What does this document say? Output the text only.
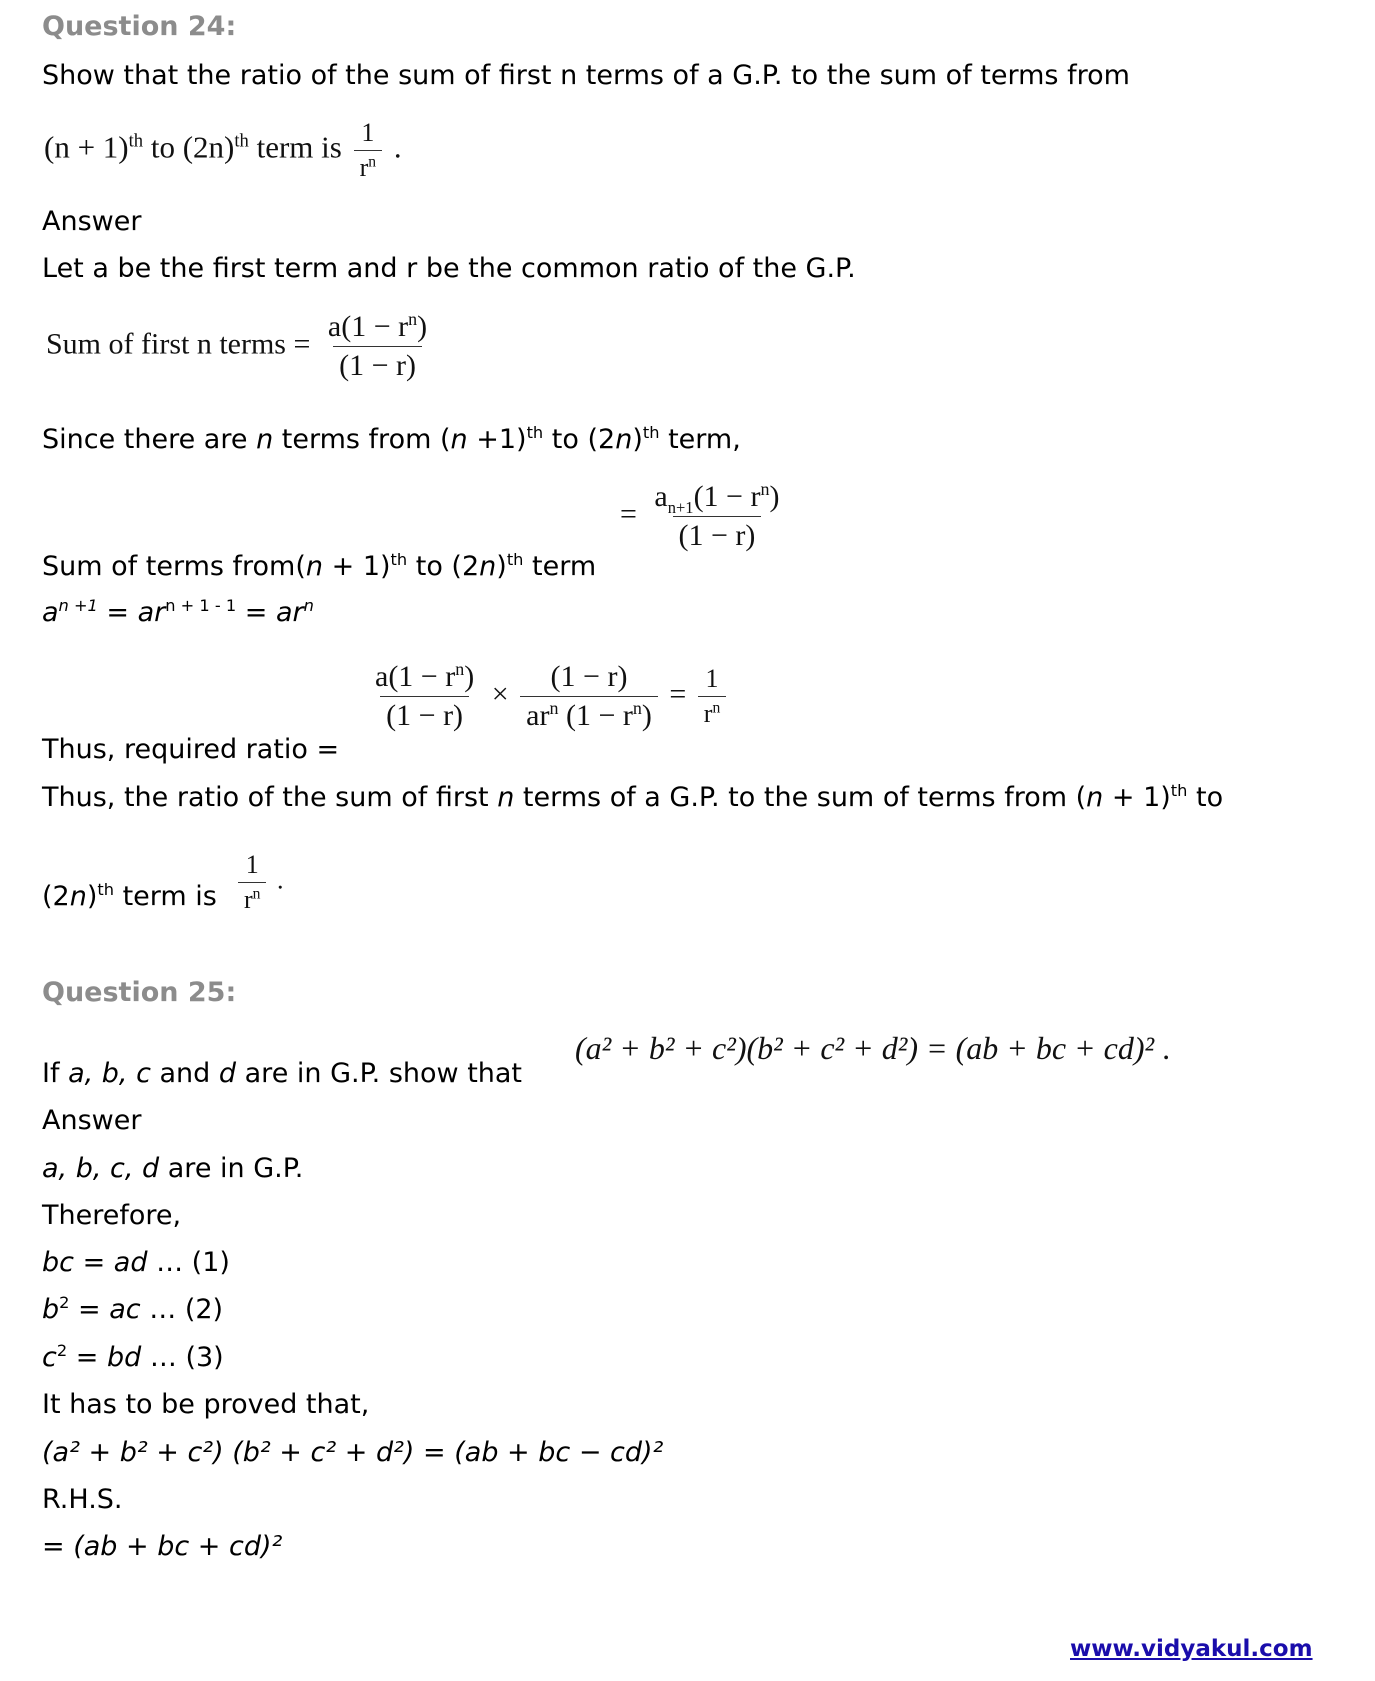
Question 24:
Show that the ratio of the sum of first n terms of a G.P. to the sum of terms from
$(n + 1)^{th}$ to $(2n)^{th}$ term is $\frac{1}{r^n}$ .
Answer
Let a be the first term and r be the common ratio of the G.P.
Sum of first n terms = $\frac{a(1 - r^n)}{(1 - r)}$
Since there are n terms from $(n +1)^{th}$ to $(2n)^{th}$ term,
= $\frac{a_{n+1}(1 - r^n)}{(1 - r)}$
Sum of terms from(n + 1)$^{th}$ to $(2n)^{th}$ term
$a^{n +1} = ar^{n + 1 - 1} = ar^n$
$\frac{a(1 - r^n)}{(1 - r)} \times \frac{(1 - r)}{ar^n (1 - r^n)} = \frac{1}{r^n}$
Thus, required ratio =
Thus, the ratio of the sum of first n terms of a G.P. to the sum of terms from $(n + 1)^{th}$ to
$(2n)^{th}$ term is $\frac{1}{r^n}$ .
Question 25:
If a, b, c and d are in G.P. show that
(a² + b² + c²)(b² + c² + d²) = (ab + bc + cd)² .
Answer
a, b, c, d are in G.P.
Therefore,
bc = ad … (1)
$b^2$ = ac … (2)
$c^2$ = bd … (3)
It has to be proved that,
(a² + b² + c²) (b² + c² + d²) = (ab + bc − cd)²
R.H.S.
= (ab + bc + cd)²
www.vidyakul.com
